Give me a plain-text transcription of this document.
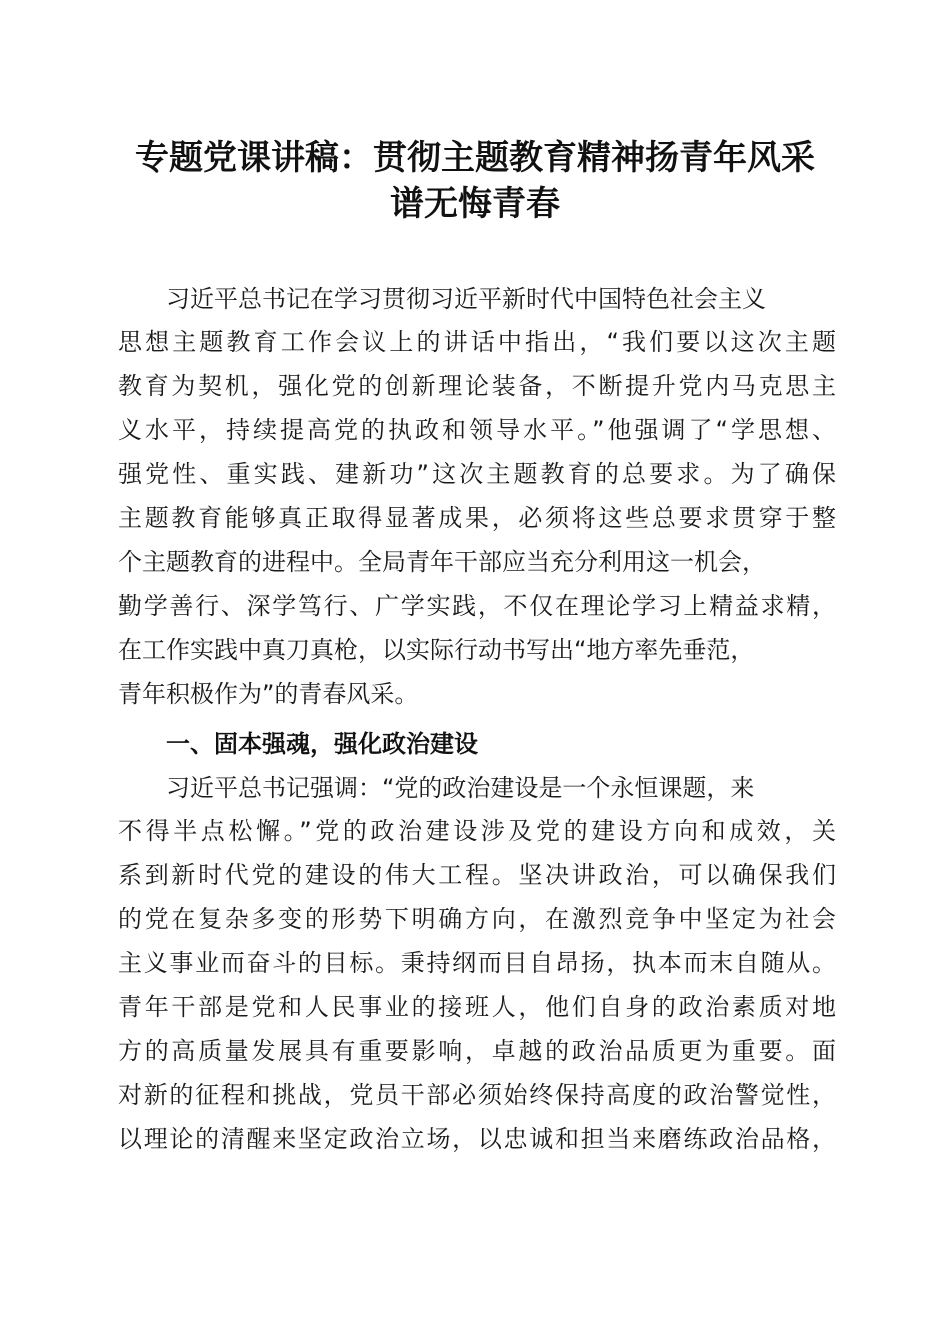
专题党课讲稿：贯彻主题教育精神扬青年风采
谱无悔青春

习近平总书记在学习贯彻习近平新时代中国特色社会主义

思想主题教育工作会议上的讲话中指出，“我们要以这次主题

教育为契机，强化党的创新理论装备，不断提升党内马克思主

义水平，持续提高党的执政和领导水平。”他强调了“学思想、

强党性、重实践、建新功”这次主题教育的总要求。为了确保

主题教育能够真正取得显著成果，必须将这些总要求贯穿于整

个主题教育的进程中。全局青年干部应当充分利用这一机会，

勤学善行、深学笃行、广学实践，不仅在理论学习上精益求精，

在工作实践中真刀真枪，以实际行动书写出“地方率先垂范，

青年积极作为”的青春风采。

一、固本强魂，强化政治建设

习近平总书记强调：“党的政治建设是一个永恒课题，来

不得半点松懈。”党的政治建设涉及党的建设方向和成效，关

系到新时代党的建设的伟大工程。坚决讲政治，可以确保我们

的党在复杂多变的形势下明确方向，在激烈竞争中坚定为社会

主义事业而奋斗的目标。秉持纲而目自昂扬，执本而末自随从。

青年干部是党和人民事业的接班人，他们自身的政治素质对地

方的高质量发展具有重要影响，卓越的政治品质更为重要。面

对新的征程和挑战，党员干部必须始终保持高度的政治警觉性，

以理论的清醒来坚定政治立场，以忠诚和担当来磨练政治品格，
